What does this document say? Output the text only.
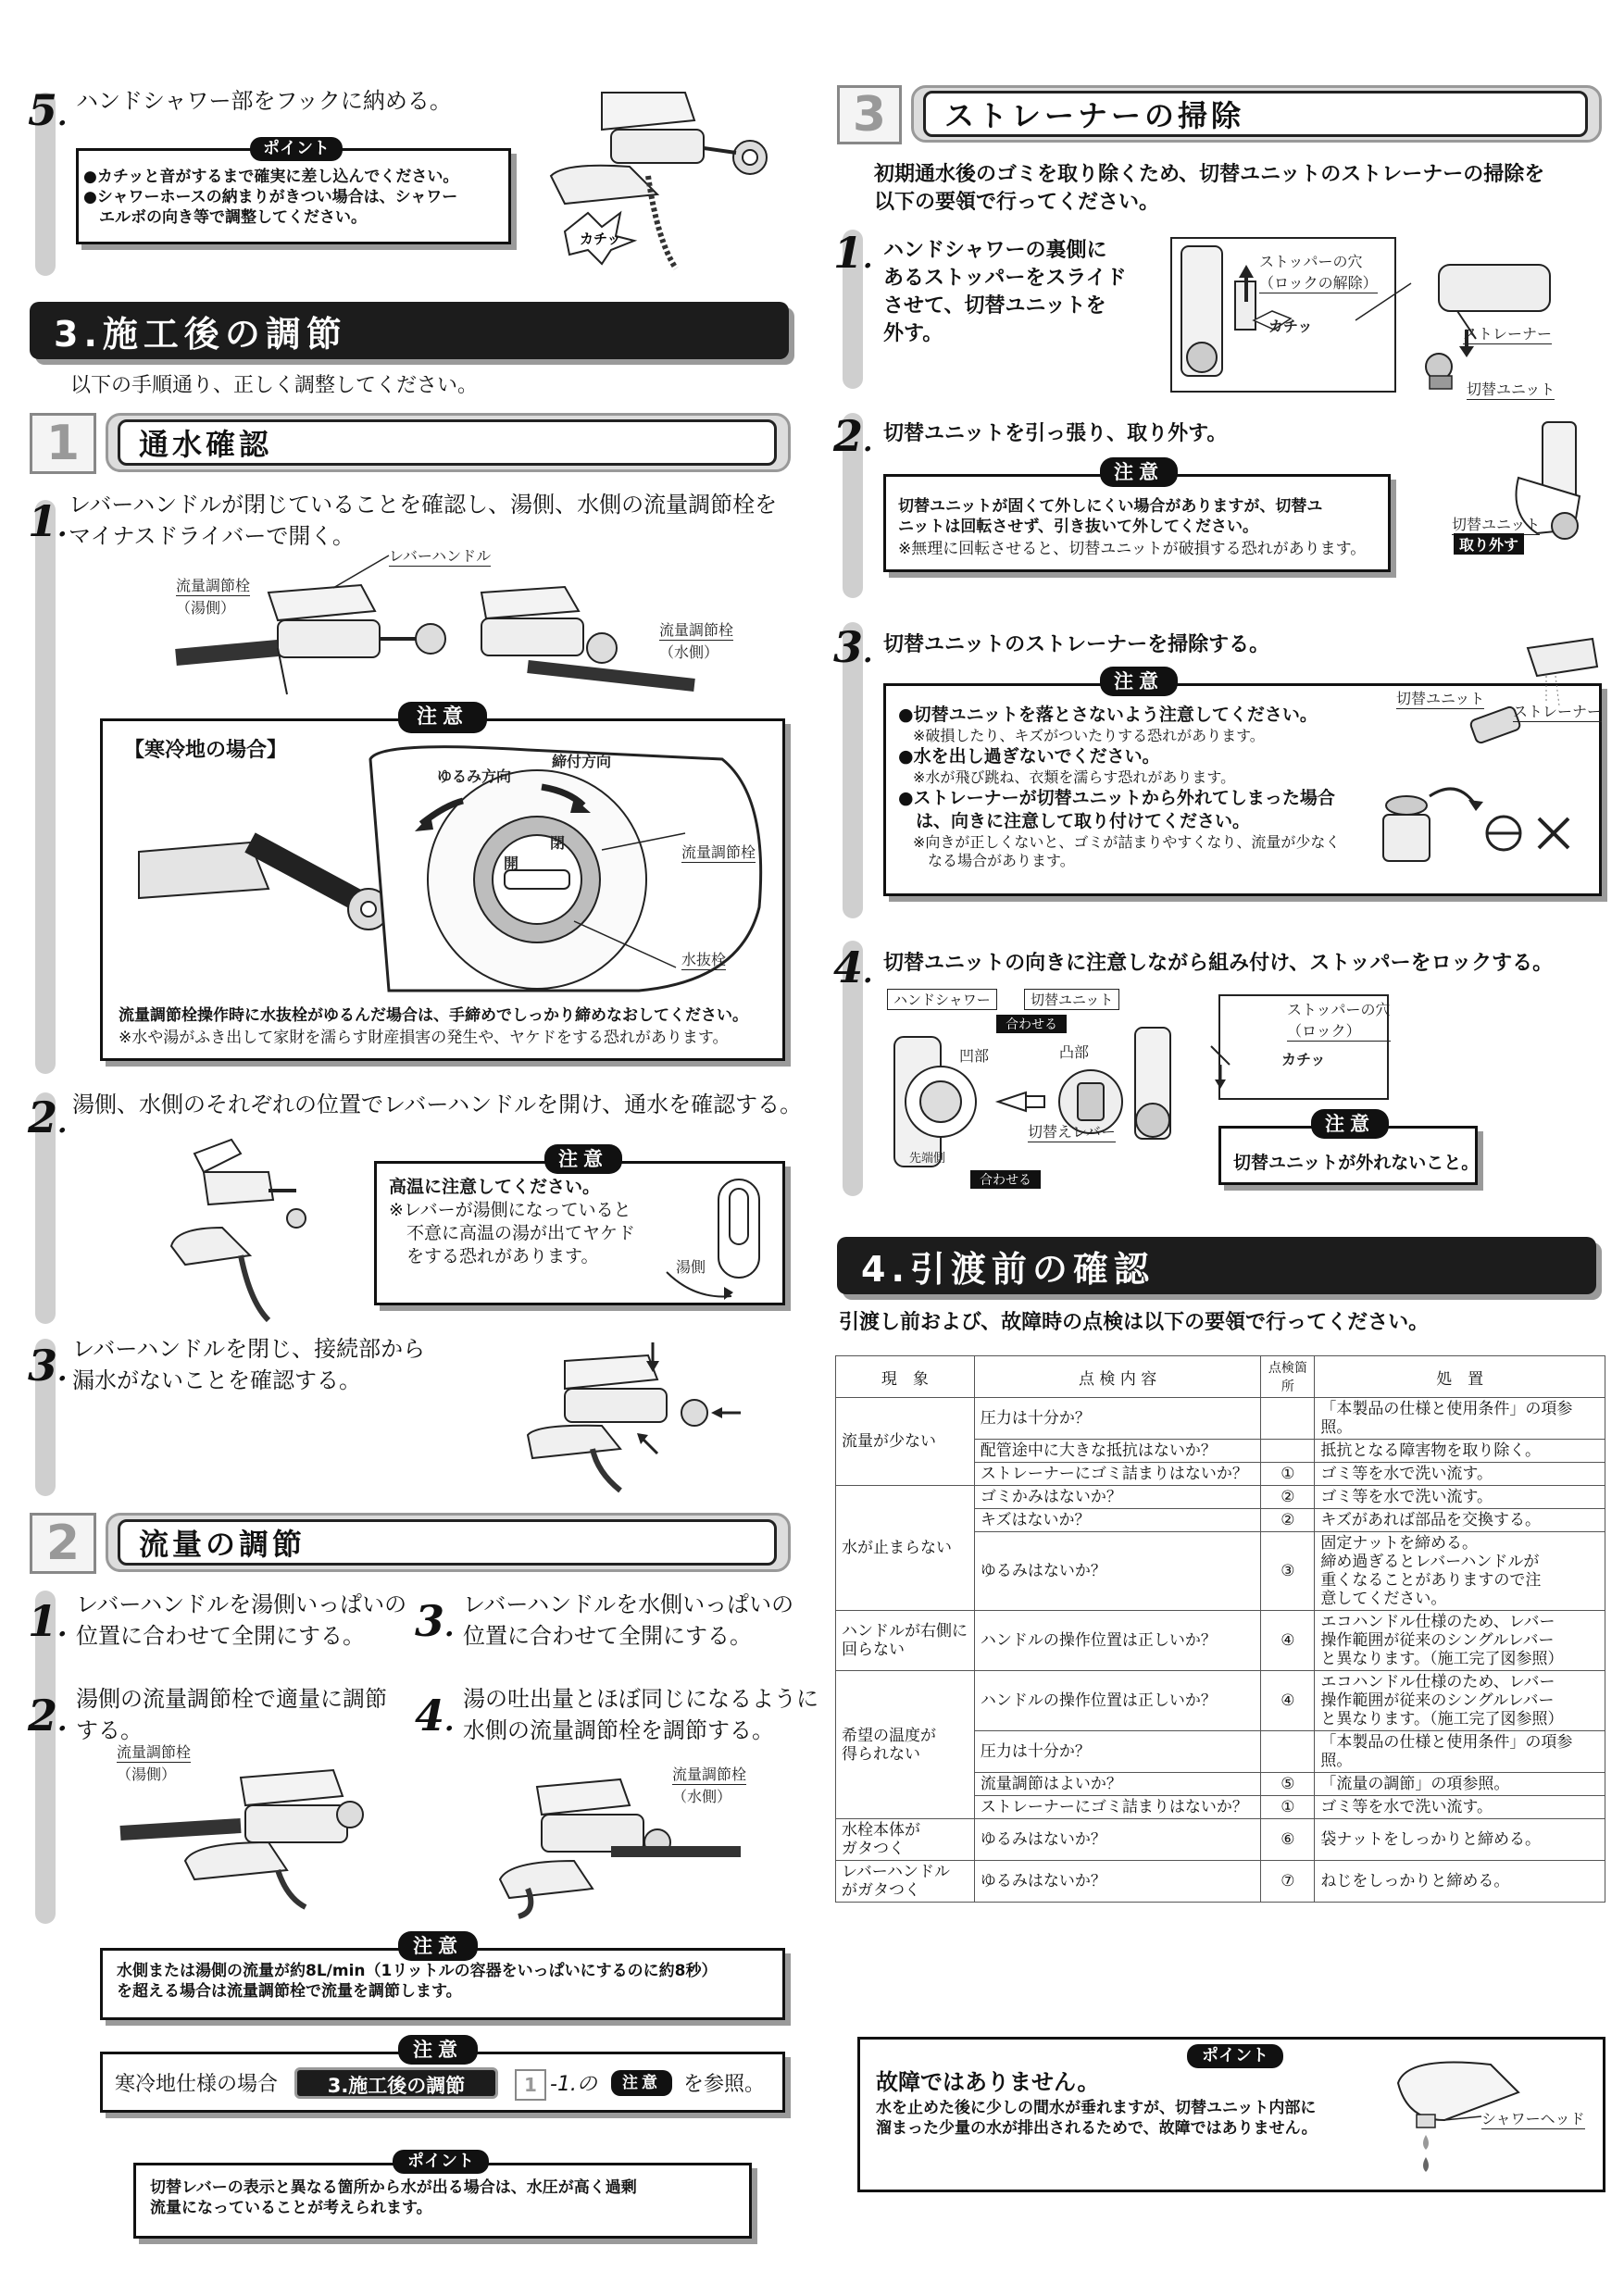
5. ハンドシャワー部をフックに納める。
ポイント
●カチッと音がするまで確実に差し込んでください。
●シャワーホースの納まりがきつい場合は、シャワー
　エルボの向き等で調整してください。
カチッ
3.施工後の調節
以下の手順通り、正しく調整してください。
1	通水確認
1.
レバーハンドルが閉じていることを確認し、湯側、水側の流量調節栓を
マイナスドライバーで開く。
レバーハンドル
流量調節栓
（湯側）
流量調節栓
（水側）
注意
【寒冷地の場合】
ゆるみ方向
締付方向
開
閉
流量調節栓
水抜栓
流量調節栓操作時に水抜栓がゆるんだ場合は、手締めでしっかり締めなおしてください。
※水や湯がふき出して家財を濡らす財産損害の発生や、ヤケドをする恐れがあります。
2.
湯側、水側のそれぞれの位置でレバーハンドルを開け、通水を確認する。
注意
高温に注意してください。
※レバーが湯側になっていると
　不意に高温の湯が出てヤケド
　をする恐れがあります。
湯側
3.
レバーハンドルを閉じ、接続部から
漏水がないことを確認する。
2	流量の調節
1.
レバーハンドルを湯側いっぱいの
位置に合わせて全開にする。	3.
レバーハンドルを水側いっぱいの
位置に合わせて全開にする。
2.
湯側の流量調節栓で適量に調節
する。	4.
湯の吐出量とほぼ同じになるように
水側の流量調節栓を調節する。
流量調節栓
（湯側）	流量調節栓
（水側）
注意
水側または湯側の流量が約8L/min（1リットルの容器をいっぱいにするのに約8秒）
を超える場合は流量調節栓で流量を調節します。
注意
寒冷地仕様の場合	3.施工後の調節	1 -1.の	注意	を参照。
ポイント
切替レバーの表示と異なる箇所から水が出る場合は、水圧が高く過剰
流量になっていることが考えられます。
3	ストレーナーの掃除
初期通水後のゴミを取り除くため、切替ユニットのストレーナーの掃除を
以下の要領で行ってください。
1. ハンドシャワーの裏側に
あるストッパーをスライド
させて、切替ユニットを
外す。
ストッパーの穴
（ロックの解除）
カチッ	ストレーナー
切替ユニット
2. 切替ユニットを引っ張り、取り外す。
注意
切替ユニットが固くて外しにくい場合がありますが、切替ユ
ニットは回転させず、引き抜いて外してください。
※無理に回転させると、切替ユニットが破損する恐れがあります。
切替ユニット
取り外す
3. 切替ユニットのストレーナーを掃除する。
注意
●切替ユニットを落とさないよう注意してください。
※破損したり、キズがついたりする恐れがあります。
●水を出し過ぎないでください。
※水が飛び跳ね、衣類を濡らす恐れがあります。
●ストレーナーが切替ユニットから外れてしまった場合
　は、向きに注意して取り付けてください。
※向きが正しくないと、ゴミが詰まりやすくなり、流量が少なく
　なる場合があります。
切替ユニット
ストレーナー
4. 切替ユニットの向きに注意しながら組み付け、ストッパーをロックする。
ハンドシャワー	切替ユニット
合わせる
凹部	凸部
切替えレバー
先端側
合わせる
ストッパーの穴
（ロック）
カチッ
注意
切替ユニットが外れないこと。
4.引渡前の確認
引渡し前および、故障時の点検は以下の要領で行ってください。
現　象	点 検 内 容	点検箇所	処　置
流量が少ない	圧力は十分か？		「本製品の仕様と使用条件」の項参照。
	配管途中に大きな抵抗はないか？		抵抗となる障害物を取り除く。
	ストレーナーにゴミ詰まりはないか？	①	ゴミ等を水で洗い流す。
水が止まらない	ゴミかみはないか？	②	ゴミ等を水で洗い流す。
	キズはないか？	②	キズがあれば部品を交換する。
	ゆるみはないか？	③	固定ナットを締める。
締め過ぎるとレバーハンドルが
重くなることがありますので注
意してください。
ハンドルが右側に
回らない	ハンドルの操作位置は正しいか？	④	エコハンドル仕様のため、レバー
操作範囲が従来のシングルレバー
と異なります。（施工完了図参照）
希望の温度が
得られない	ハンドルの操作位置は正しいか？	④	エコハンドル仕様のため、レバー
操作範囲が従来のシングルレバー
と異なります。（施工完了図参照）
	圧力は十分か？		「本製品の仕様と使用条件」の項参照。
	流量調節はよいか？	⑤	「流量の調節」の項参照。
	ストレーナーにゴミ詰まりはないか？	①	ゴミ等を水で洗い流す。
水栓本体が
ガタつく	ゆるみはないか？	⑥	袋ナットをしっかりと締める。
レバーハンドル
がガタつく	ゆるみはないか？	⑦	ねじをしっかりと締める。
ポイント
故障ではありません。
水を止めた後に少しの間水が垂れますが、切替ユニット内部に
溜まった少量の水が排出されるためで、故障ではありません。
シャワーヘッド
